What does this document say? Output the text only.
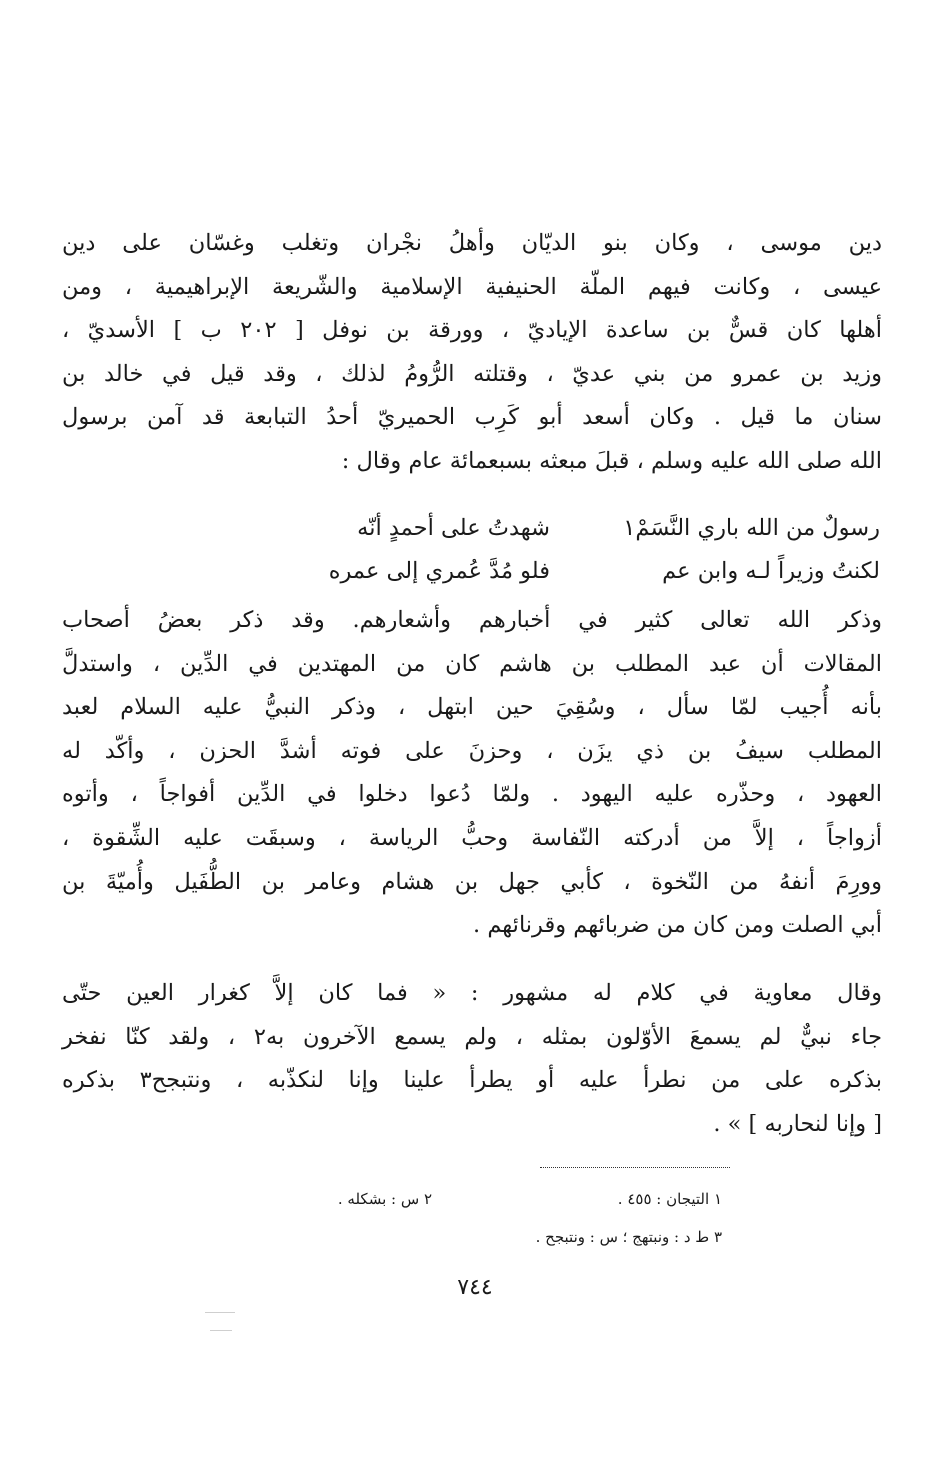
دين موسى ، وكان بنو الديّان وأهلُ نجْران وتغلب وغسّان على دين
عيسى ، وكانت فيهم الملّة الحنيفية الإسلامية والشّريعة الإبراهيمية ، ومن
أهلها كان قسٌّ بن ساعدة الإياديّ ، وورقة بن نوفل [ ٢٠٢ ب ] الأسديّ ،
وزيد بن عمرو من بني عديّ ، وقتلته الرُّومُ لذلك ، وقد قيل في خالد بن
سنان ما قيل . وكان أسعد أبو كَرِب الحميريّ أحدُ التبابعة قد آمن برسول
الله صلى الله عليه وسلم ، قبلَ مبعثه بسبعمائة عام وقال :
رسولٌ من الله باري النَّسَمْ١
شهدتُ على أحمدٍ أنّه
لكنتُ وزيراً لـه وابن عم
فلو مُدَّ عُمري إلى عمره
وذكر الله تعالى كثير في أخبارهم وأشعارهم. وقد ذكر بعضُ أصحاب
المقالات أن عبد المطلب بن هاشم كان من المهتدين في الدِّين ، واستدلَّ
بأنه أُجيب لمّا سأل ، وسُقِيَ حين ابتهل ، وذكر النبيُّ عليه السلام لعبد
المطلب سيفُ بن ذي يزَن ، وحزنَ على فوته أشدَّ الحزن ، وأكّد له
العهود ، وحذّره عليه اليهود . ولمّا دُعوا دخلوا في الدِّين أفواجاً ، وأتوه
أزواجاً ، إلاَّ من أدركته النّفاسة وحبُّ الرياسة ، وسبقَت عليه الشِّقوة ،
وورِمَ أنفهُ من النّخوة ، كأبي جهل بن هشام وعامر بن الطُّفَيل وأُميّةَ بن
أبي الصلت ومن كان من ضربائهم وقرنائهم .
وقال معاوية في كلام له مشهور : « فما كان إلاَّ كغرار العين حتّى
جاء نبيٌّ لم يسمعَ الأوّلون بمثله ، ولم يسمع الآخرون به٢ ، ولقد كنّا نفخر
بذكره على من نطرأ عليه أو يطرأ علينا وإنا لنكذّبه ، ونتبجح٣ بذكره
[ وإنا لنحاربه ] » .
١ التيجان : ٤٥٥ .
٢ س : بشكله .
٣ ط د : ونبتهج ؛ س : ونتبجح .
٧٤٤
